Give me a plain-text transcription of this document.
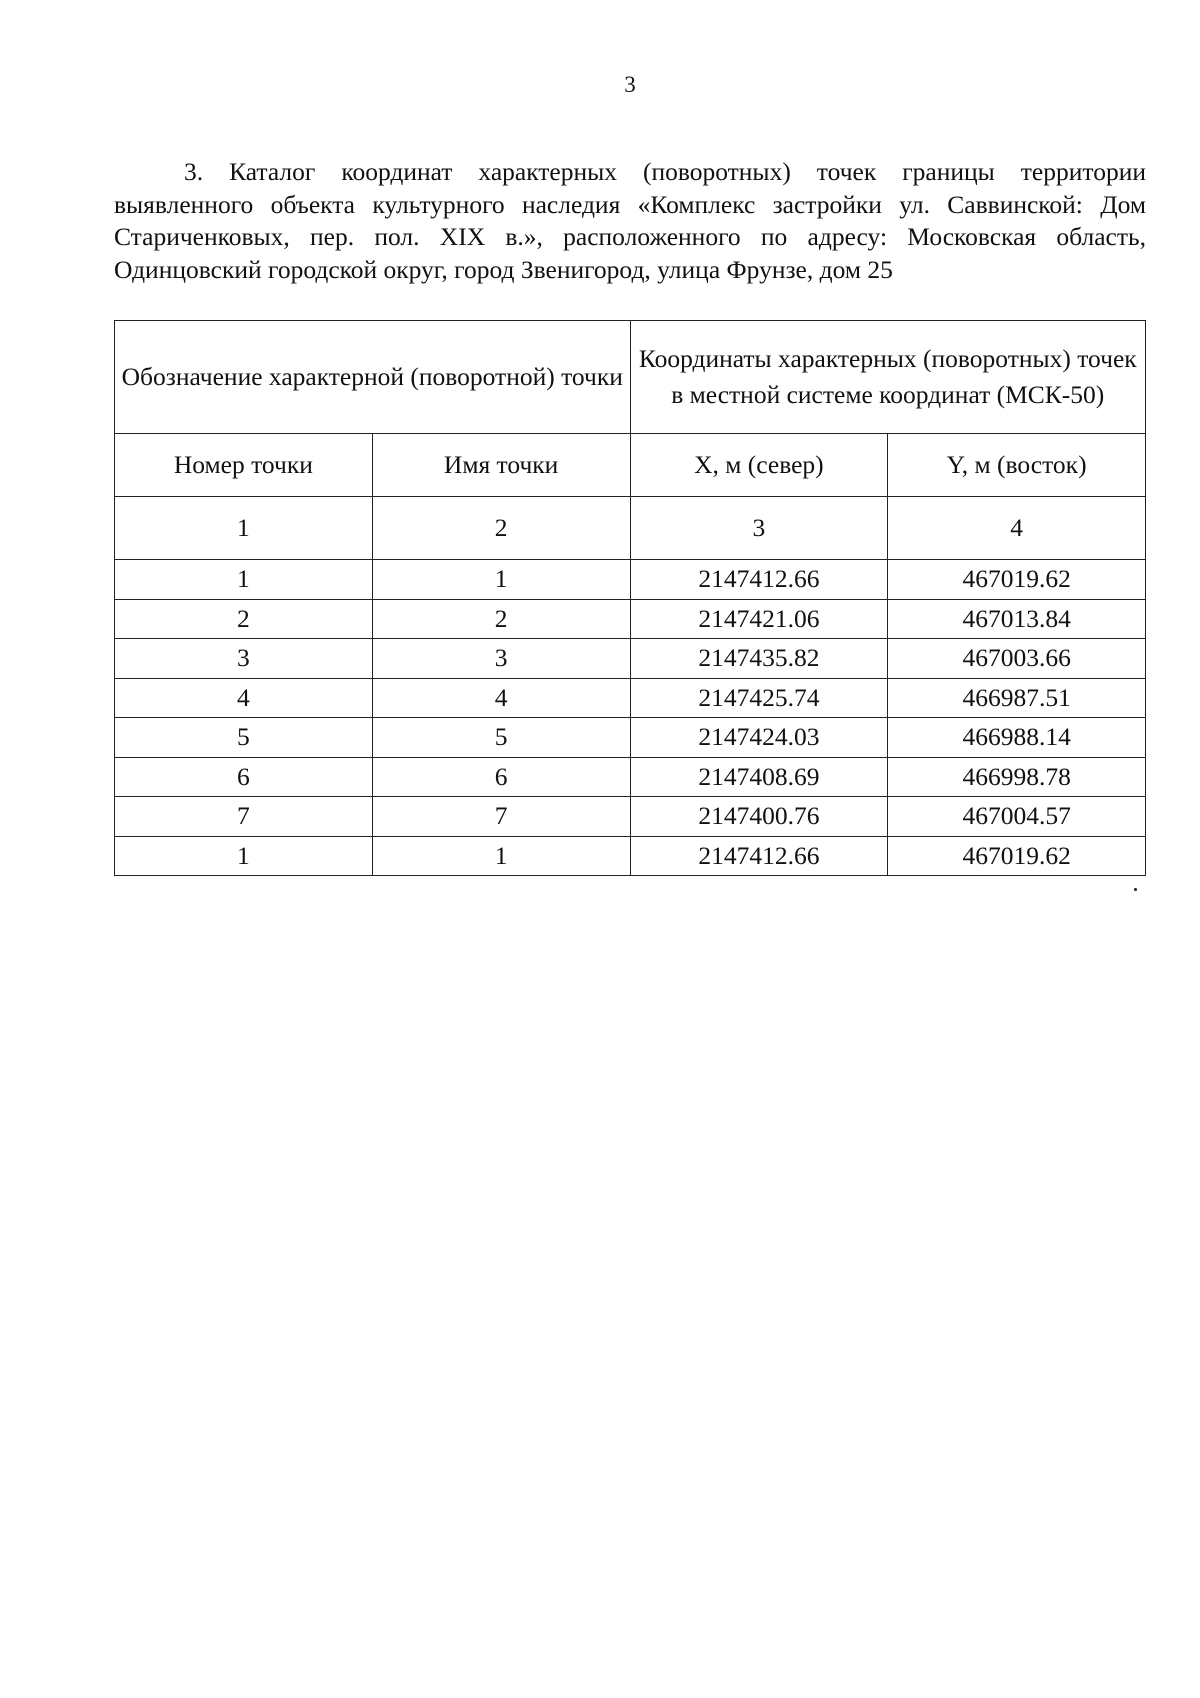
3

3. Каталог координат характерных (поворотных) точек границы территории выявленного объекта культурного наследия «Комплекс застройки ул. Саввинской: Дом Стариченковых, пер. пол. XIX в.», расположенного по адресу: Московская область, Одинцовский городской округ, город Звенигород, улица Фрунзе, дом 25

Обозначение характерной (поворотной) точки		Координаты характерных (поворотных) точек в местной системе координат (МСК-50)	
Номер точки	Имя точки	X, м (север)	Y, м (восток)
1	2	3	4
1	1	2147412.66	467019.62
2	2	2147421.06	467013.84
3	3	2147435.82	467003.66
4	4	2147425.74	466987.51
5	5	2147424.03	466988.14
6	6	2147408.69	466998.78
7	7	2147400.76	467004.57
1	1	2147412.66	467019.62
